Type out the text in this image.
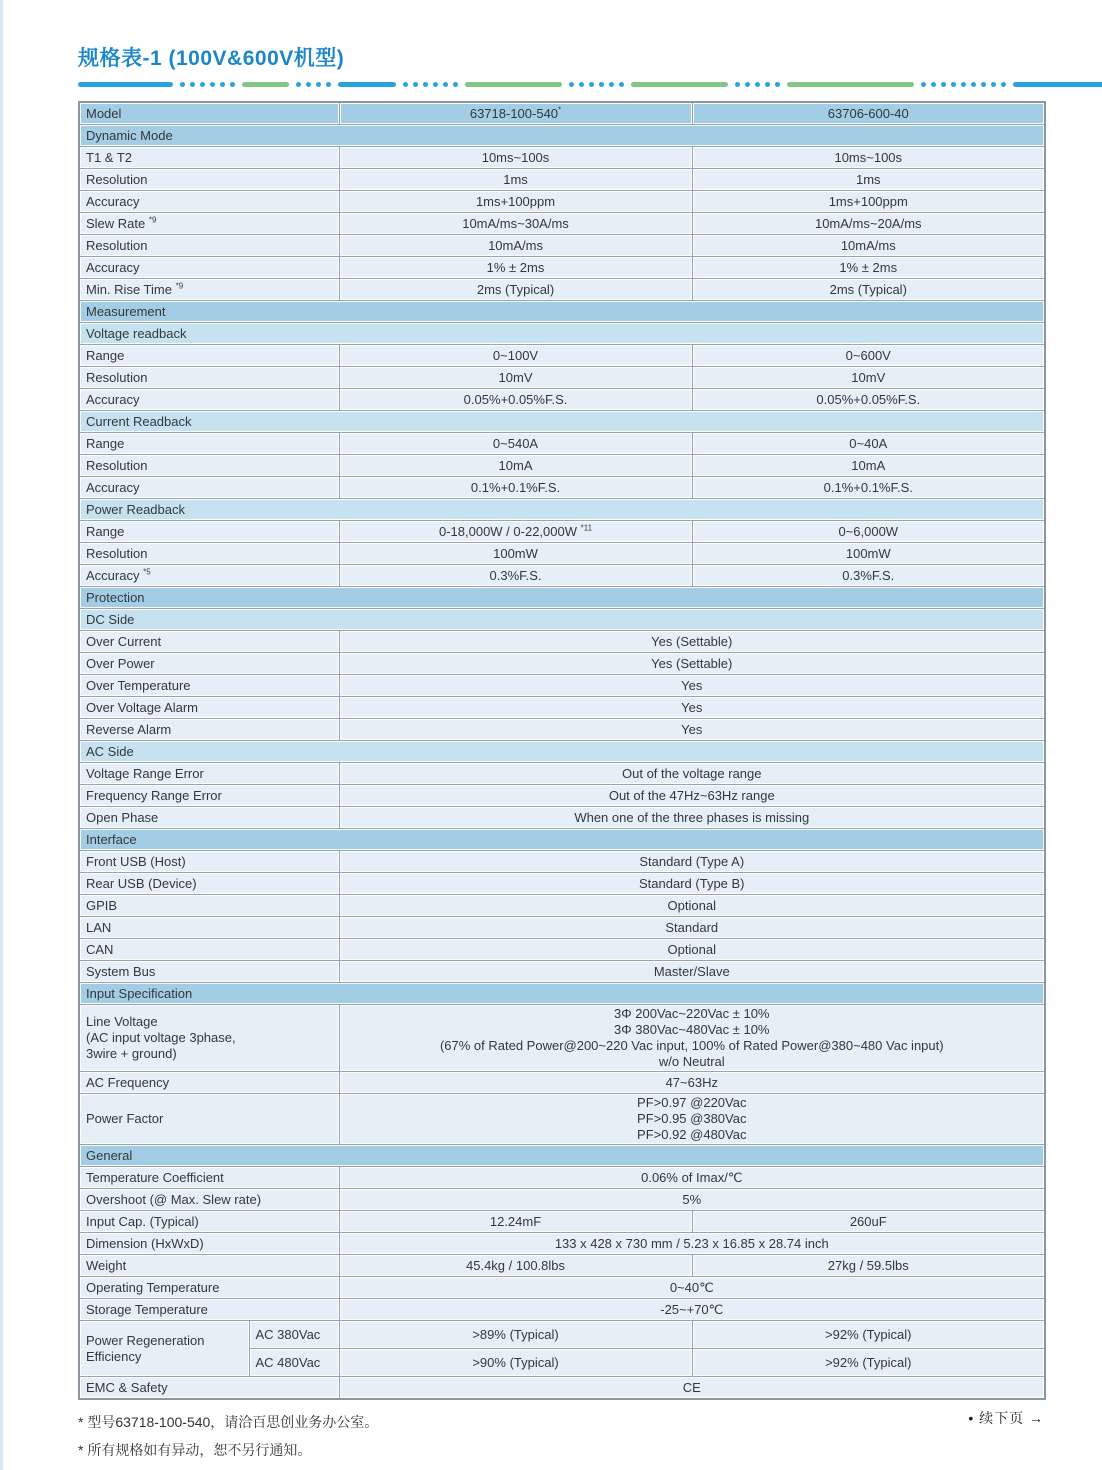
规格表-1 (100V&600V机型)
Model		63718-100-540*	63706-600-40
Dynamic Mode			
T1 & T2		10ms~100s	10ms~100s
Resolution		1ms	1ms
Accuracy		1ms+100ppm	1ms+100ppm
Slew Rate $^{*9}$		10mA/ms~30A/ms	10mA/ms~20A/ms
Resolution		10mA/ms	10mA/ms
Accuracy		1% ± 2ms	1% ± 2ms
Min. Rise Time $^{*9}$		2ms (Typical)	2ms (Typical)
Measurement			
Voltage readback			
Range		0~100V	0~600V
Resolution		10mV	10mV
Accuracy		0.05%+0.05%F.S.	0.05%+0.05%F.S.
Current Readback			
Range		0~540A	0~40A
Resolution		10mA	10mA
Accuracy		0.1%+0.1%F.S.	0.1%+0.1%F.S.
Power Readback			
Range		0-18,000W / 0-22,000W $^{*11}$	0~6,000W
Resolution		100mW	100mW
Accuracy $^{*5}$		0.3%F.S.	0.3%F.S.
Protection			
DC Side			
Over Current		Yes (Settable)	
Over Power		Yes (Settable)	
Over Temperature		Yes	
Over Voltage Alarm		Yes	
Reverse Alarm		Yes	
AC Side			
Voltage Range Error		Out of the voltage range	
Frequency Range Error		Out of the 47Hz~63Hz range	
Open Phase		When one of the three phases is missing	
Interface			
Front USB (Host)		Standard (Type A)	
Rear USB (Device)		Standard (Type B)	
GPIB		Optional	
LAN		Standard	
CAN		Optional	
System Bus		Master/Slave	
Input Specification			
Line Voltage
(AC input voltage 3phase,
3wire + ground)		3Φ 200Vac~220Vac ± 10%
3Φ 380Vac~480Vac ± 10%
(67% of Rated Power@200~220 Vac input, 100% of Rated Power@380~480 Vac input)
w/o Neutral	
AC Frequency		47~63Hz	
Power Factor		PF>0.97 @220Vac
PF>0.95 @380Vac
PF>0.92 @480Vac	
General			
Temperature Coefficient		0.06% of Imax/℃	
Overshoot (@ Max. Slew rate)		5%	
Input Cap. (Typical)		12.24mF	260uF
Dimension (HxWxD)		133 x 428 x 730 mm / 5.23 x 16.85 x 28.74 inch	
Weight		45.4kg / 100.8lbs	27kg / 59.5lbs
Operating Temperature		0~40℃	
Storage Temperature		-25~+70℃	
Power Regeneration
Efficiency	AC 380Vac	>89% (Typical)	>92% (Typical)
	AC 480Vac	>90% (Typical)	>92% (Typical)
EMC & Safety		CE	

* 型号63718-100-540，请洽百思创业务办公室。

* 所有规格如有异动，恕不另行通知。

• 续下页 →
